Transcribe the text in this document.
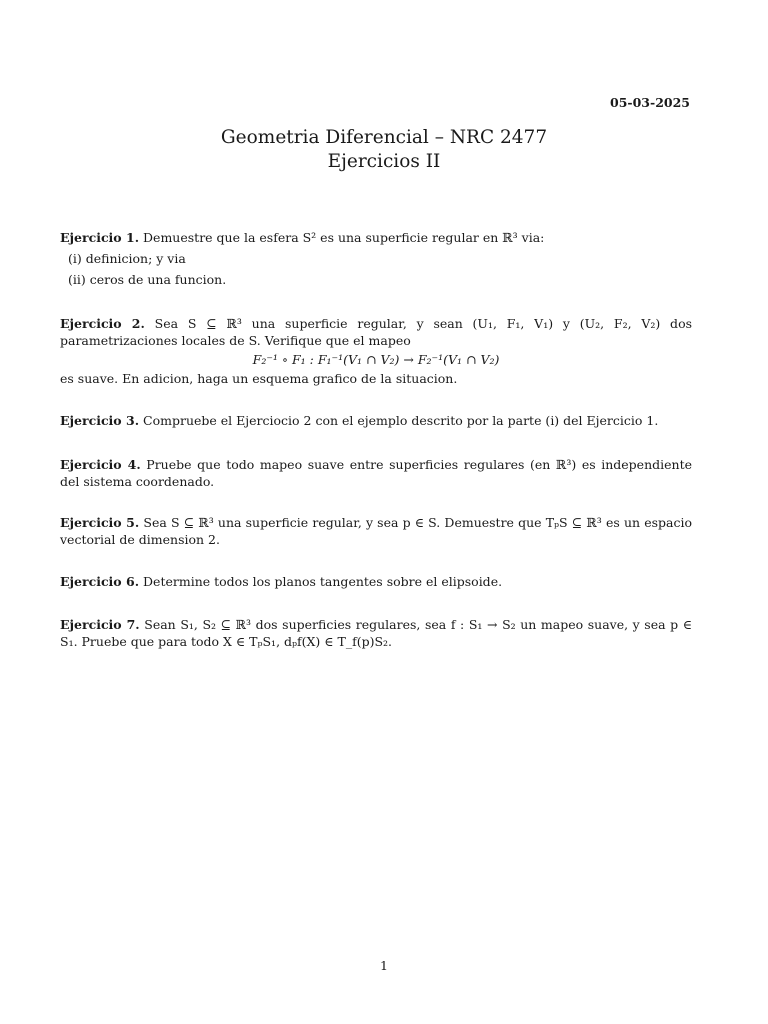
05-03-2025
Geometria Diferencial – NRC 2477
Ejercicios II
Ejercicio 1. Demuestre que la esfera S² es una superficie regular en ℝ³ via:
(i) definicion; y via
(ii) ceros de una funcion.
Ejercicio 2. Sea S ⊆ ℝ³ una superficie regular, y sean (U₁, F₁, V₁) y (U₂, F₂, V₂) dos parametrizaciones locales de S. Verifique que el mapeo
F₂⁻¹ ∘ F₁ : F₁⁻¹(V₁ ∩ V₂) → F₂⁻¹(V₁ ∩ V₂)
es suave. En adicion, haga un esquema grafico de la situacion.
Ejercicio 3. Compruebe el Ejerciocio 2 con el ejemplo descrito por la parte (i) del Ejercicio 1.
Ejercicio 4. Pruebe que todo mapeo suave entre superficies regulares (en ℝ³) es independiente del sistema coordenado.
Ejercicio 5. Sea S ⊆ ℝ³ una superficie regular, y sea p ∈ S. Demuestre que TₚS ⊆ ℝ³ es un espacio vectorial de dimension 2.
Ejercicio 6. Determine todos los planos tangentes sobre el elipsoide.
Ejercicio 7. Sean S₁, S₂ ⊆ ℝ³ dos superficies regulares, sea f : S₁ → S₂ un mapeo suave, y sea p ∈ S₁. Pruebe que para todo X ∈ TₚS₁, dₚf(X) ∈ T_f(p)S₂.
1
